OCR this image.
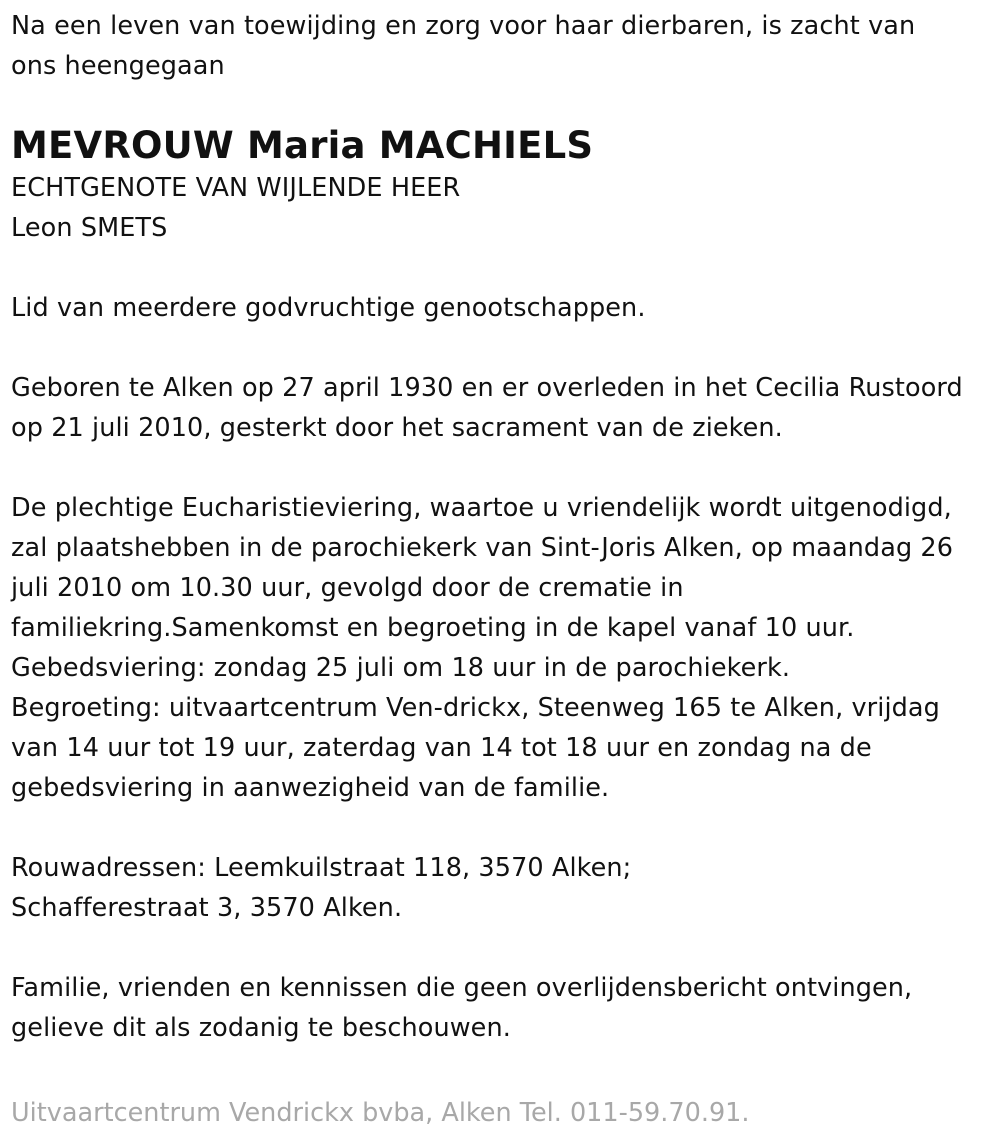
Na een leven van toewijding en zorg voor haar dierbaren, is zacht van

ons heengegaan

MEVROUW Maria MACHIELS

ECHTGENOTE VAN WIJLENDE HEER

Leon SMETS

Lid van meerdere godvruchtige genootschappen.

Geboren te Alken op 27 april 1930 en er overleden in het Cecilia Rustoord

op 21 juli 2010, gesterkt door het sacrament van de zieken.

De plechtige Eucharistieviering, waartoe u vriendelijk wordt uitgenodigd,

zal plaatshebben in de parochiekerk van Sint-Joris Alken, op maandag 26

juli 2010 om 10.30 uur, gevolgd door de crematie in

familiekring.Samenkomst en begroeting in de kapel vanaf 10 uur.

Gebedsviering: zondag 25 juli om 18 uur in de parochiekerk.

Begroeting: uitvaartcentrum Ven-drickx, Steenweg 165 te Alken, vrijdag

van 14 uur tot 19 uur, zaterdag van 14 tot 18 uur en zondag na de

gebedsviering in aanwezigheid van de familie.

Rouwadressen: Leemkuilstraat 118, 3570 Alken;

Schafferestraat 3, 3570 Alken.

Familie, vrienden en kennissen die geen overlijdensbericht ontvingen,

gelieve dit als zodanig te beschouwen.

Uitvaartcentrum Vendrickx bvba, Alken Tel. 011-59.70.91.
